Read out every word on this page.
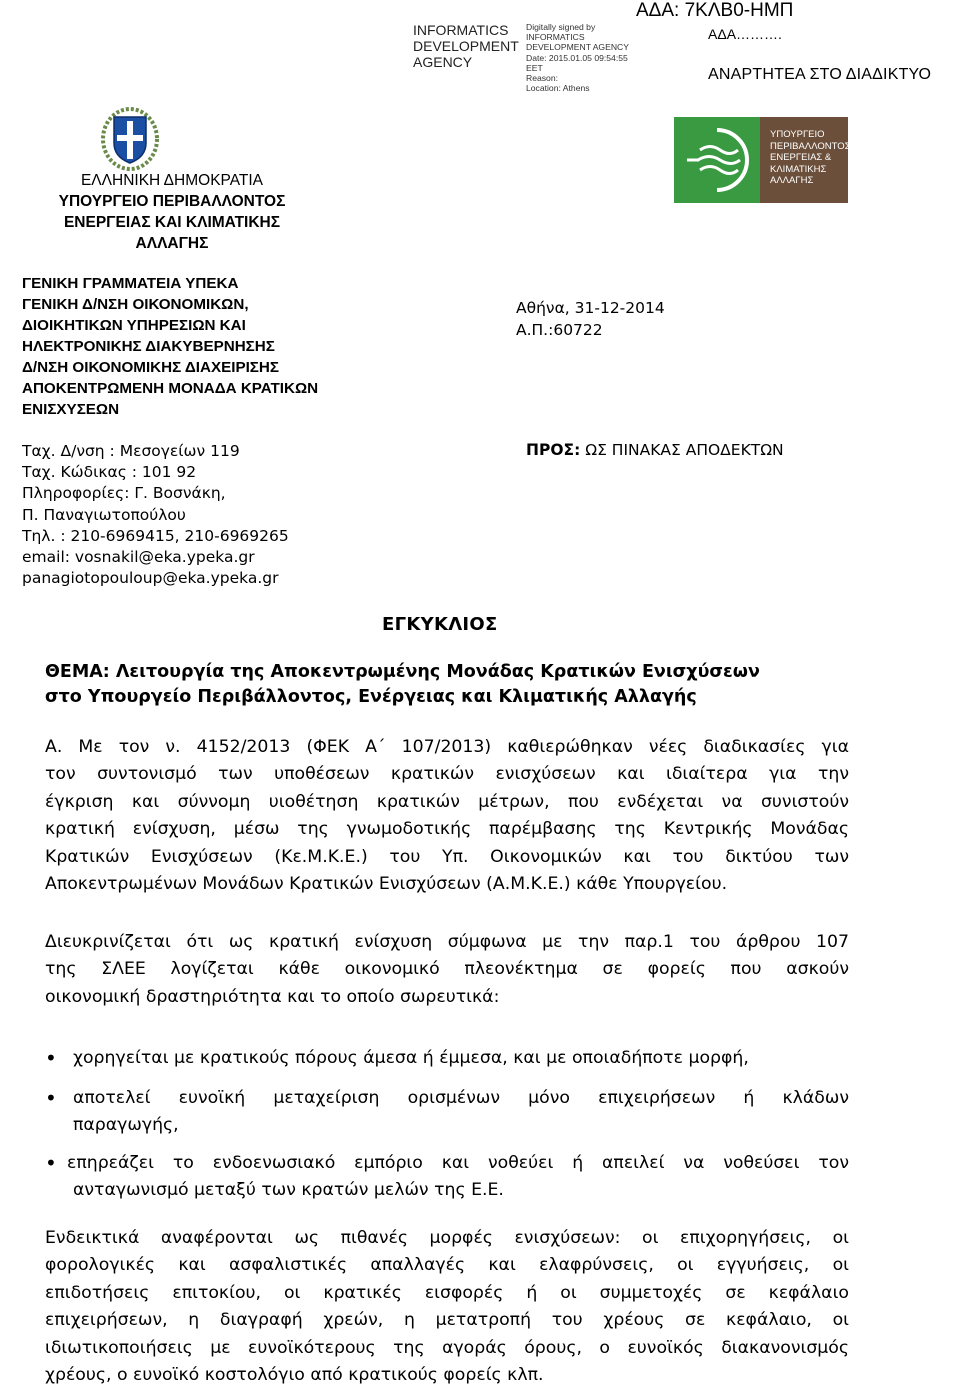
INFORMATICS DEVELOPMENT AGENCY
Digitally signed by INFORMATICS DEVELOPMENT AGENCY
Date: 2015.01.05 09:54:55 EET
Reason:
Location: Athens
ΑΔΑ: 7ΚΛΒ0-ΗΜΠ
ΑΔΑ……….
ΑΝΑΡΤΗΤΕΑ ΣΤΟ ΔΙΑΔΙΚΤΥΟ
ΥΠΟΥΡΓΕΙΟ
ΠΕΡΙΒΑΛΛΟΝΤΟΣ
ΕΝΕΡΓΕΙΑΣ &
ΚΛΙΜΑΤΙΚΗΣ
ΑΛΛΑΓΗΣ
ΕΛΛΗΝΙΚΗ ΔΗΜΟΚΡΑΤΙΑ
ΥΠΟΥΡΓΕΙΟ ΠΕΡΙΒΑΛΛΟΝΤΟΣ
ΕΝΕΡΓΕΙΑΣ ΚΑΙ ΚΛΙΜΑΤΙΚΗΣ
ΑΛΛΑΓΗΣ
ΓΕΝΙΚΗ ΓΡΑΜΜΑΤΕΙΑ ΥΠΕΚΑ
ΓΕΝΙΚΗ Δ/ΝΣΗ ΟΙΚΟΝΟΜΙΚΩΝ,
ΔΙΟΙΚΗΤΙΚΩΝ ΥΠΗΡΕΣΙΩΝ ΚΑΙ
ΗΛΕΚΤΡΟΝΙΚΗΣ ΔΙΑΚΥΒΕΡΝΗΣΗΣ
Δ/ΝΣΗ ΟΙΚΟΝΟΜΙΚΗΣ ΔΙΑΧΕΙΡΙΣΗΣ
ΑΠΟΚΕΝΤΡΩΜΕΝΗ ΜΟΝΑΔΑ ΚΡΑΤΙΚΩΝ
ΕΝΙΣΧΥΣΕΩΝ
Αθήνα, 31-12-2014
Α.Π.:60722
Ταχ. Δ/νση : Μεσογείων 119
Ταχ. Κώδικας : 101 92
Πληροφορίες: Γ. Βοσνάκη,
Π. Παναγιωτοπούλου
Τηλ. : 210-6969415, 210-6969265
email: vosnakil@eka.ypeka.gr
panagiotopouloup@eka.ypeka.gr
ΠΡΟΣ: ΩΣ ΠΙΝΑΚΑΣ ΑΠΟΔΕΚΤΩΝ
ΕΓΚΥΚΛΙΟΣ
ΘΕΜΑ: Λειτουργία της Αποκεντρωμένης Μονάδας Κρατικών Ενισχύσεων
στο Υπουργείο Περιβάλλοντος, Ενέργειας και Κλιματικής Αλλαγής
Α. Με τον ν. 4152/2013 (ΦΕΚ Α΄ 107/2013) καθιερώθηκαν νέες διαδικασίες για
τον συντονισμό των υποθέσεων κρατικών ενισχύσεων και ιδιαίτερα για την
έγκριση και σύννομη υιοθέτηση κρατικών μέτρων, που ενδέχεται να συνιστούν
κρατική ενίσχυση, μέσω της γνωμοδοτικής παρέμβασης της Κεντρικής Μονάδας
Κρατικών Ενισχύσεων (Κε.Μ.Κ.Ε.) του Υπ. Οικονομικών και του δικτύου των
Αποκεντρωμένων Μονάδων Κρατικών Ενισχύσεων (Α.Μ.Κ.Ε.) κάθε Υπουργείου.
Διευκρινίζεται ότι ως κρατική ενίσχυση σύμφωνα με την παρ.1 του άρθρου 107
της ΣΛΕΕ λογίζεται κάθε οικονομικό πλεονέκτημα σε φορείς που ασκούν
οικονομική δραστηριότητα και το οποίο σωρευτικά:
• χορηγείται με κρατικούς πόρους άμεσα ή έμμεσα, και με οποιαδήποτε μορφή,
• αποτελεί ευνοϊκή μεταχείριση ορισμένων μόνο επιχειρήσεων ή κλάδων
παραγωγής,
• επηρεάζει το ενδοενωσιακό εμπόριο και νοθεύει ή απειλεί να νοθεύσει τον
ανταγωνισμό μεταξύ των κρατών μελών της Ε.Ε.
Ενδεικτικά αναφέρονται ως πιθανές μορφές ενισχύσεων: οι επιχορηγήσεις, οι
φορολογικές και ασφαλιστικές απαλλαγές και ελαφρύνσεις, οι εγγυήσεις, οι
επιδοτήσεις επιτοκίου, οι κρατικές εισφορές ή οι συμμετοχές σε κεφάλαιο
επιχειρήσεων, η διαγραφή χρεών, η μετατροπή του χρέους σε κεφάλαιο, οι
ιδιωτικοποιήσεις με ευνοϊκότερους της αγοράς όρους, ο ευνοϊκός διακανονισμός
χρέους, ο ευνοϊκό κοστολόγιο από κρατικούς φορείς κλπ.
